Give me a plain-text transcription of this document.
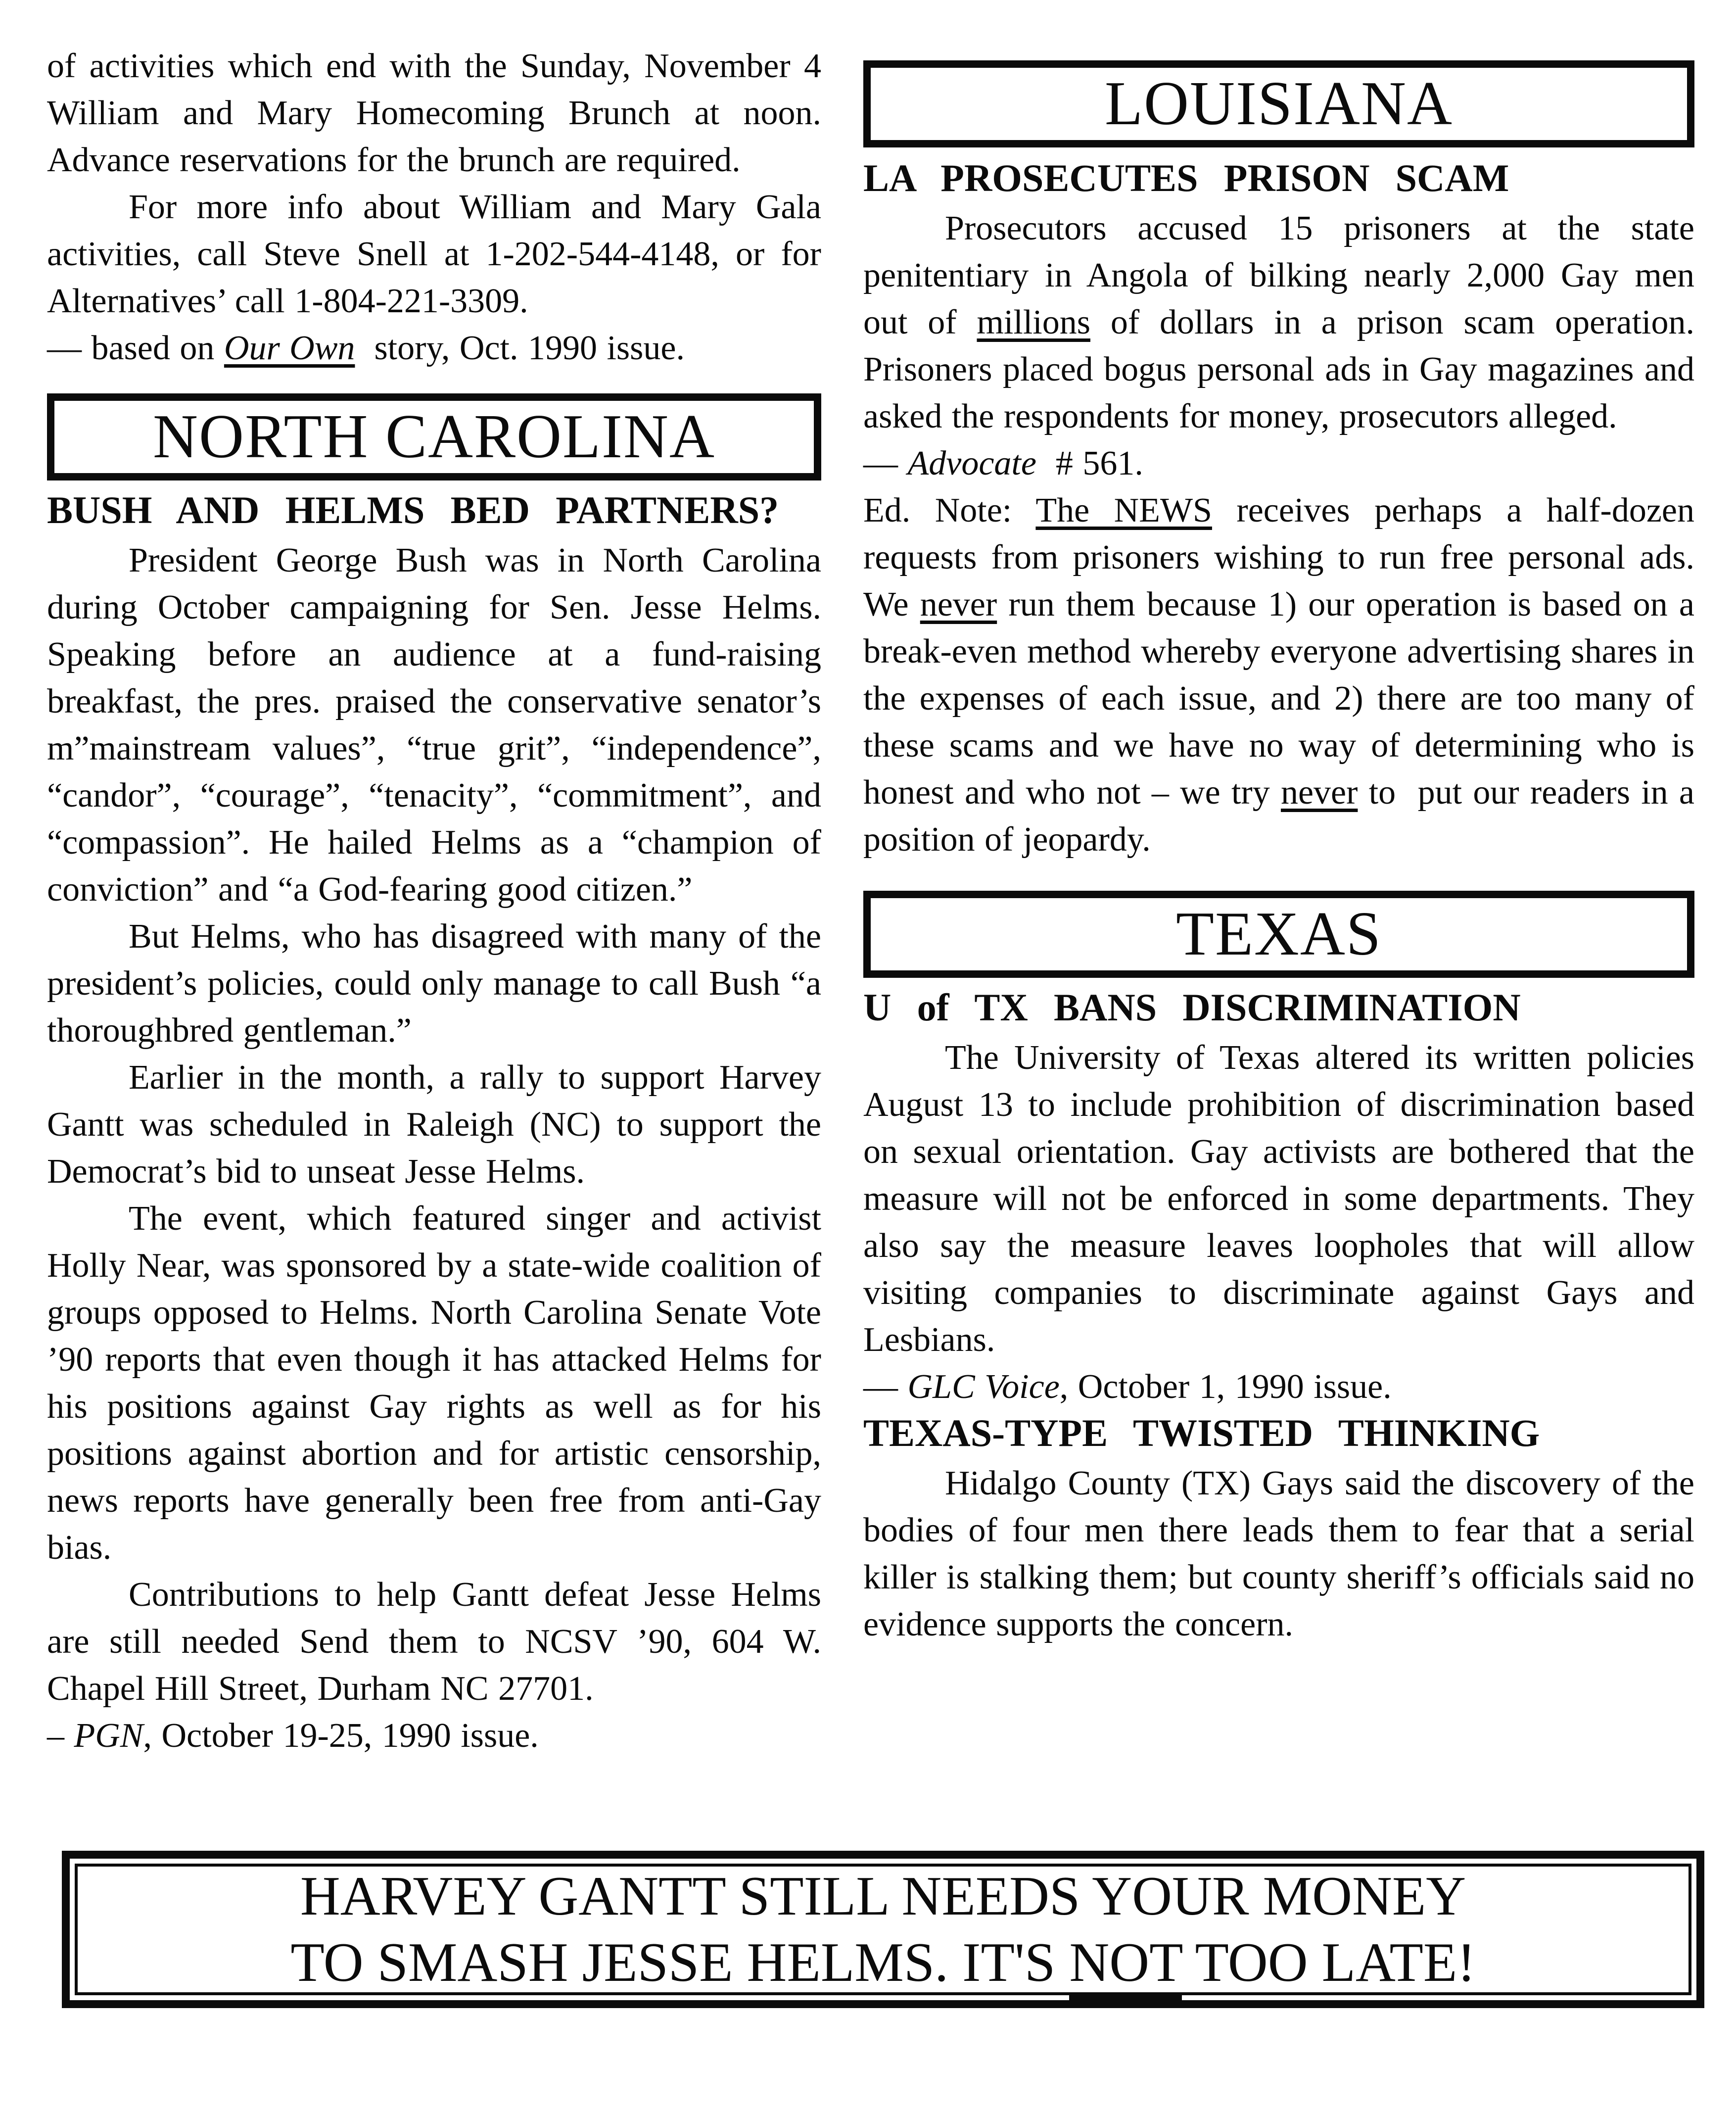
of activities which end with the Sunday, November 4 William and Mary Homecoming Brunch at noon. Advance reservations for the brunch are required.

For more info about William and Mary Gala activities, call Steve Snell at 1-202-544-4148, or for Alternatives’ call 1-804-221-3309.

— based on Our Own  story, Oct. 1990 issue.

NORTH CAROLINA
BUSH AND HELMS BED PARTNERS?

President George Bush was in North Carolina during October campaigning for Sen. Jesse Helms. Speaking before an audience at a fund-raising breakfast, the pres. praised the conservative senator’s m”mainstream values”, “true grit”, “independence”, “candor”, “courage”, “tenacity”, “commitment”, and “compassion”. He hailed Helms as a “champion of conviction” and “a God-fearing good citizen.”

But Helms, who has disagreed with many of the president’s policies, could only manage to call Bush “a thoroughbred gentleman.”

Earlier in the month, a rally to support Harvey Gantt was scheduled in Raleigh (NC) to support the Democrat’s bid to unseat Jesse Helms.

The event, which featured singer and activist Holly Near, was sponsored by a state-wide coalition of groups opposed to Helms. North Carolina Senate Vote ’90 reports that even though it has attacked Helms for his positions against Gay rights as well as for his positions against abortion and for artistic censorship, news reports have generally been free from anti-Gay bias.

Contributions to help Gantt defeat Jesse Helms are still needed Send them to NCSV ’90, 604 W. Chapel Hill Street, Durham NC 27701.

– PGN, October 19-25, 1990 issue.

LOUISIANA
LA PROSECUTES PRISON SCAM

Prosecutors accused 15 prisoners at the state penitentiary in Angola of bilking nearly 2,000 Gay men out of millions of dollars in a prison scam operation. Prisoners placed bogus personal ads in Gay magazines and asked the respondents for money, prosecutors alleged.

— Advocate  # 561.

Ed. Note: The NEWS receives perhaps a half-dozen requests from prisoners wishing to run free personal ads. We never run them because 1) our operation is based on a break-even method whereby everyone advertising shares in the expenses of each issue, and 2) there are too many of these scams and we have no way of determining who is honest and who not – we try never to  put our readers in a position of jeopardy.

TEXAS
U of TX BANS DISCRIMINATION

The University of Texas altered its written policies August 13 to include prohibition of discrimination based on sexual orientation. Gay activists are bothered that the measure will not be enforced in some departments. They also say the measure leaves loopholes that will allow visiting companies to discriminate against Gays and Lesbians.

— GLC Voice, October 1, 1990 issue.

TEXAS-TYPE TWISTED THINKING

Hidalgo County (TX) Gays said the discovery of the bodies of four men there leads them to fear that a serial killer is stalking them; but county sheriff’s officials said no evidence supports the concern.

HARVEY GANTT STILL NEEDS YOUR MONEY
TO SMASH JESSE HELMS. IT'S NOT TOO LATE!
